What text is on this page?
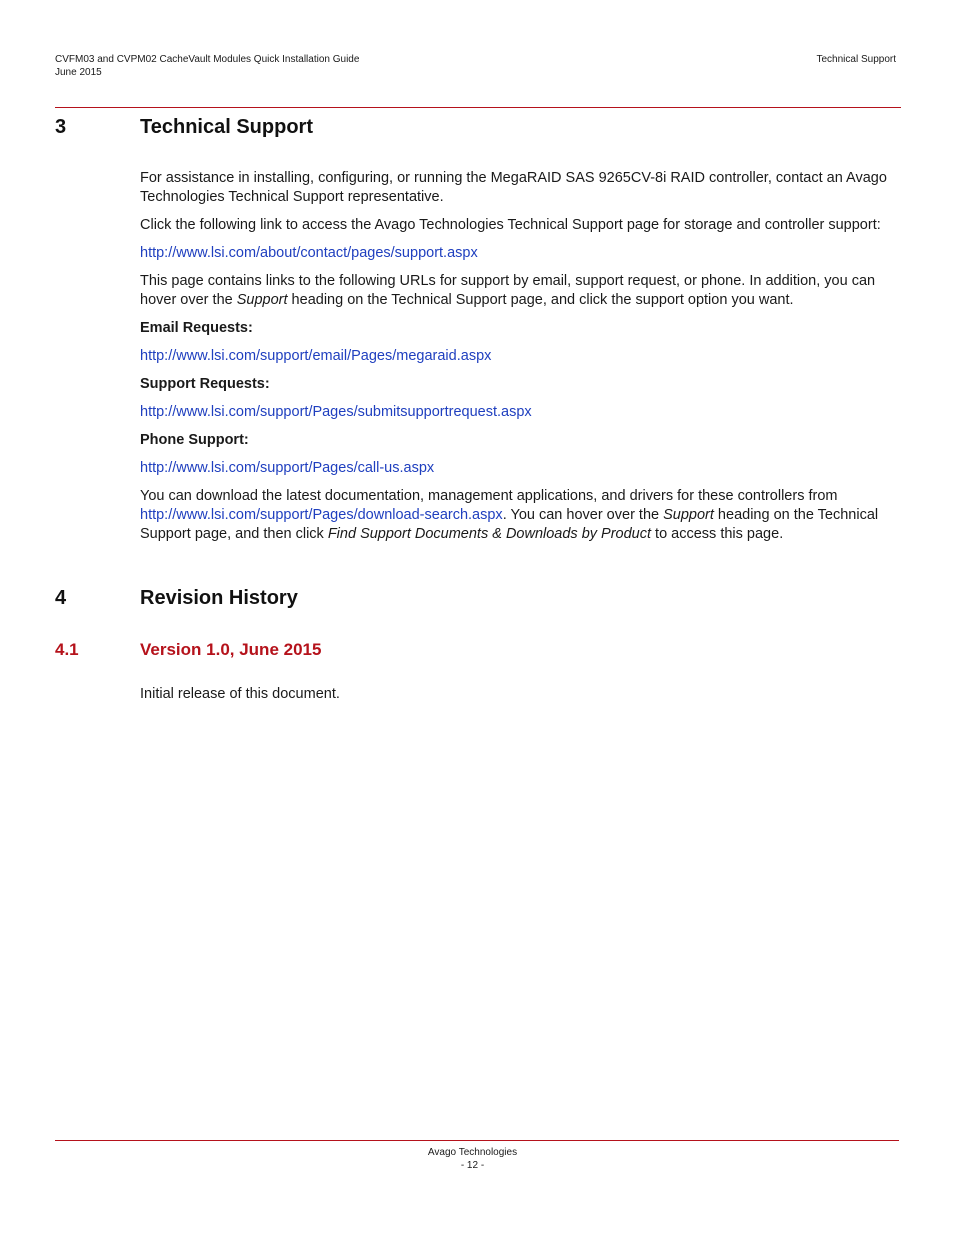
CVFM03 and CVPM02 CacheVault Modules Quick Installation Guide
June 2015
Technical Support
3	Technical Support

For assistance in installing, configuring, or running the MegaRAID SAS 9265CV-8i RAID controller, contact an Avago Technologies Technical Support representative.

Click the following link to access the Avago Technologies Technical Support page for storage and controller support:

http://www.lsi.com/about/contact/pages/support.aspx

This page contains links to the following URLs for support by email, support request, or phone. In addition, you can hover over the Support heading on the Technical Support page, and click the support option you want.

Email Requests:

http://www.lsi.com/support/email/Pages/megaraid.aspx

Support Requests:

http://www.lsi.com/support/Pages/submitsupportrequest.aspx

Phone Support:

http://www.lsi.com/support/Pages/call-us.aspx

You can download the latest documentation, management applications, and drivers for these controllers from http://www.lsi.com/support/Pages/download-search.aspx. You can hover over the Support heading on the Technical Support page, and then click Find Support Documents & Downloads by Product to access this page.

4	Revision History
4.1	Version 1.0, June 2015

Initial release of this document.

Avago Technologies
- 12 -
